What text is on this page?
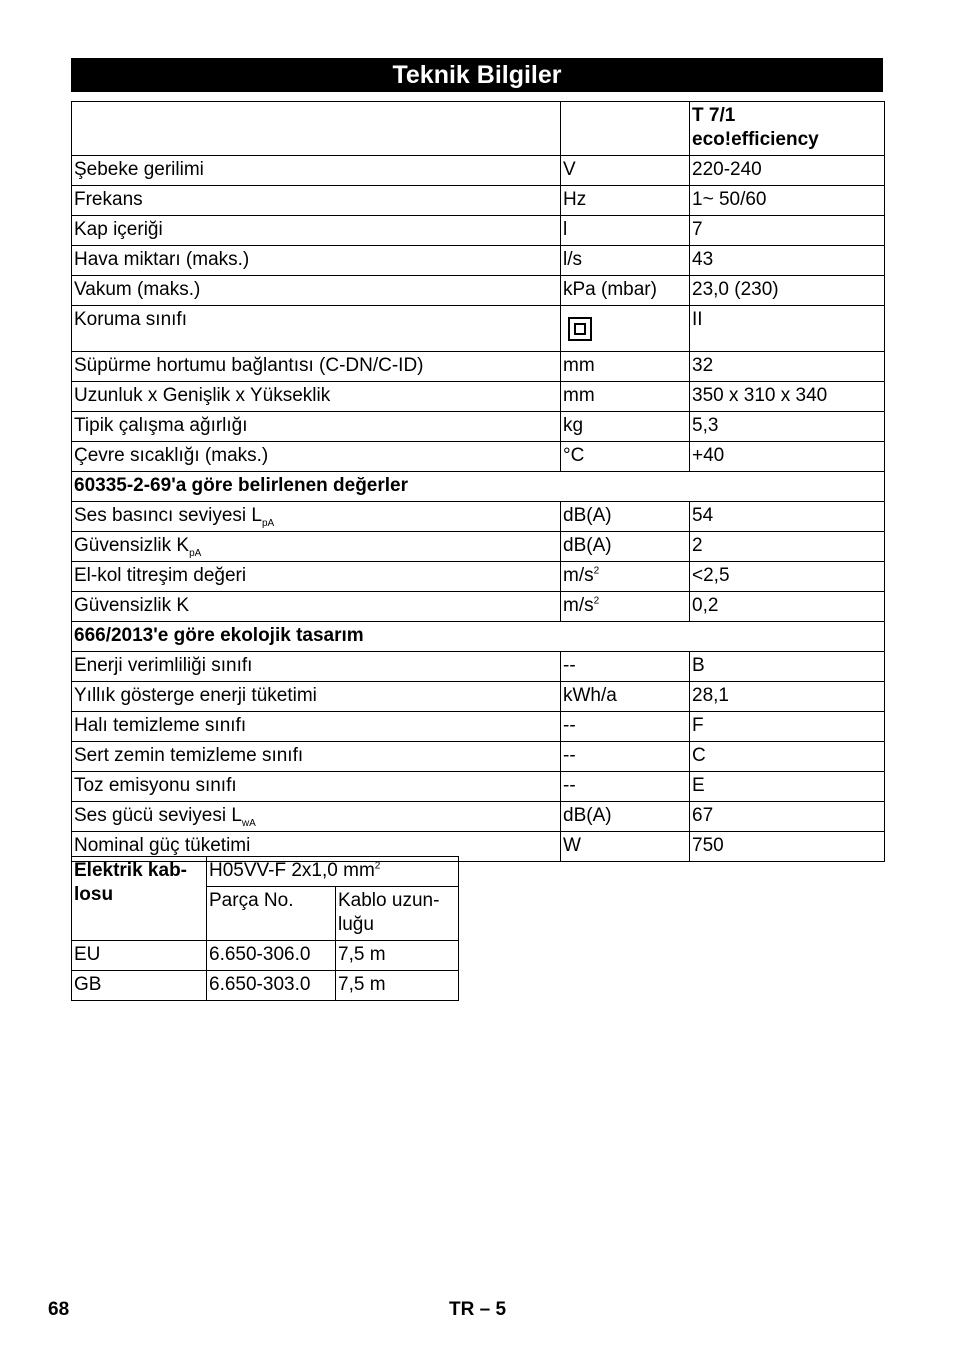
Teknik Bilgiler
		T 7/1
eco!efficiency
Şebeke gerilimi	V	220-240
Frekans	Hz	1~ 50/60
Kap içeriği	l	7
Hava miktarı (maks.)	l/s	43
Vakum (maks.)	kPa (mbar)	23,0 (230)
Koruma sınıfı		II
Süpürme hortumu bağlantısı (C-DN/C-ID)	mm	32
Uzunluk x Genişlik x Yükseklik	mm	350 x 310 x 340
Tipik çalışma ağırlığı	kg	5,3
Çevre sıcaklığı (maks.)	°C	+40
60335-2-69'a göre belirlenen değerler		
Ses basıncı seviyesi $L_{pA}$	dB(A)	54
Güvensizlik $K_{pA}$	dB(A)	2
El-kol titreşim değeri	$m/s^2$	<2,5
Güvensizlik K	$m/s^2$	0,2
666/2013'e göre ekolojik tasarım		
Enerji verimliliği sınıfı	--	B
Yıllık gösterge enerji tüketimi	kWh/a	28,1
Halı temizleme sınıfı	--	F
Sert zemin temizleme sınıfı	--	C
Toz emisyonu sınıfı	--	E
Ses gücü seviyesi $L_{wA}$	dB(A)	67
Nominal güç tüketimi	W	750
Elektrik kab-
losu	H05VV-F 2x1,0 $mm^2$
	Parça No.	Kablo uzun-
luğu
EU	6.650-306.0	7,5 m
GB	6.650-303.0	7,5 m
68	TR – 5
